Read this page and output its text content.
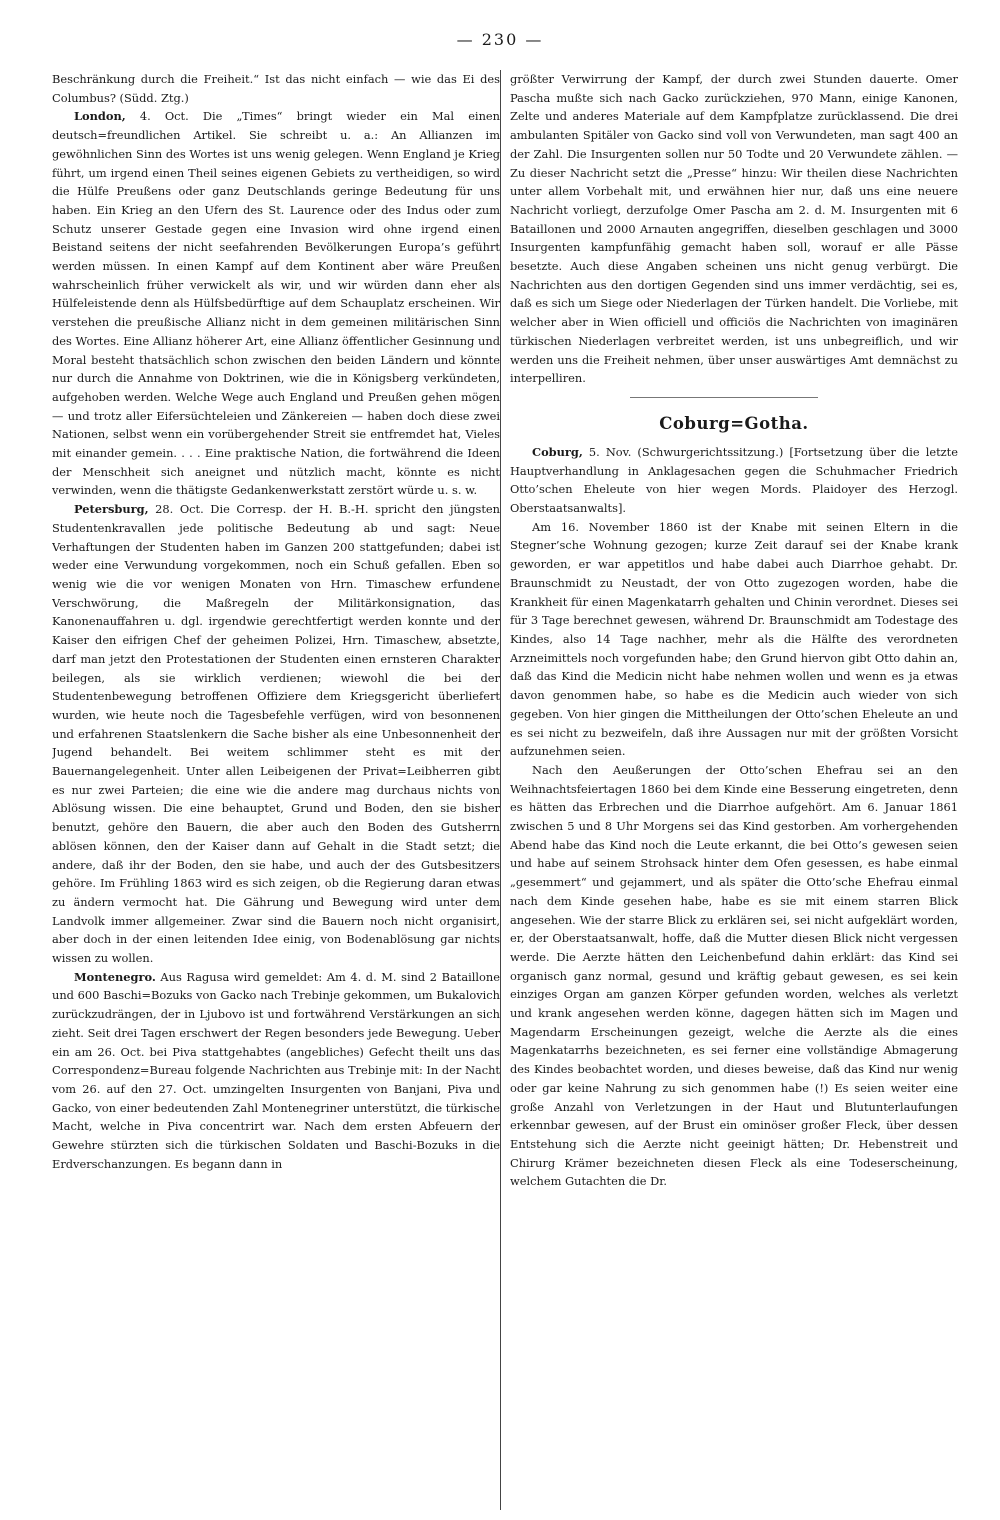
— 230 —

Beschränkung durch die Freiheit.“ Ist das nicht einfach — wie das Ei des Columbus? (Südd. Ztg.)

London, 4. Oct. Die „Times“ bringt wieder ein Mal einen deutsch=freundlichen Artikel. Sie schreibt u. a.: An Allianzen im gewöhnlichen Sinn des Wortes ist uns wenig gelegen. Wenn England je Krieg führt, um irgend einen Theil seines eigenen Gebiets zu vertheidigen, so wird die Hülfe Preußens oder ganz Deutschlands geringe Bedeutung für uns haben. Ein Krieg an den Ufern des St. Laurence oder des Indus oder zum Schutz unserer Gestade gegen eine Invasion wird ohne irgend einen Beistand seitens der nicht seefahrenden Bevölkerungen Europa’s geführt werden müssen. In einen Kampf auf dem Kontinent aber wäre Preußen wahrscheinlich früher verwickelt als wir, und wir würden dann eher als Hülfeleistende denn als Hülfsbedürftige auf dem Schauplatz erscheinen. Wir verstehen die preußische Allianz nicht in dem gemeinen militärischen Sinn des Wortes. Eine Allianz höherer Art, eine Allianz öffentlicher Gesinnung und Moral besteht thatsächlich schon zwischen den beiden Ländern und könnte nur durch die Annahme von Doktrinen, wie die in Königsberg verkündeten, aufgehoben werden. Welche Wege auch England und Preußen gehen mögen — und trotz aller Eifersüchteleien und Zänkereien — haben doch diese zwei Nationen, selbst wenn ein vorübergehender Streit sie entfremdet hat, Vieles mit einander gemein. . . . Eine praktische Nation, die fortwährend die Ideen der Menschheit sich aneignet und nützlich macht, könnte es nicht verwinden, wenn die thätigste Gedankenwerkstatt zerstört würde u. s. w.

Petersburg, 28. Oct. Die Corresp. der H. B.-H. spricht den jüngsten Studentenkravallen jede politische Bedeutung ab und sagt: Neue Verhaftungen der Studenten haben im Ganzen 200 stattgefunden; dabei ist weder eine Verwundung vorgekommen, noch ein Schuß gefallen. Eben so wenig wie die vor wenigen Monaten von Hrn. Timaschew erfundene Verschwörung, die Maßregeln der Militärkonsignation, das Kanonenauffahren u. dgl. irgendwie gerechtfertigt werden konnte und der Kaiser den eifrigen Chef der geheimen Polizei, Hrn. Timaschew, absetzte, darf man jetzt den Protestationen der Studenten einen ernsteren Charakter beilegen, als sie wirklich verdienen; wiewohl die bei der Studentenbewegung betroffenen Offiziere dem Kriegsgericht überliefert wurden, wie heute noch die Tagesbefehle verfügen, wird von besonnenen und erfahrenen Staatslenkern die Sache bisher als eine Unbesonnenheit der Jugend behandelt. Bei weitem schlimmer steht es mit der Bauernangelegenheit. Unter allen Leibeigenen der Privat=Leibherren gibt es nur zwei Parteien; die eine wie die andere mag durchaus nichts von Ablösung wissen. Die eine behauptet, Grund und Boden, den sie bisher benutzt, gehöre den Bauern, die aber auch den Boden des Gutsherrn ablösen können, den der Kaiser dann auf Gehalt in die Stadt setzt; die andere, daß ihr der Boden, den sie habe, und auch der des Gutsbesitzers gehöre. Im Frühling 1863 wird es sich zeigen, ob die Regierung daran etwas zu ändern vermocht hat. Die Gährung und Bewegung wird unter dem Landvolk immer allgemeiner. Zwar sind die Bauern noch nicht organisirt, aber doch in der einen leitenden Idee einig, von Bodenablösung gar nichts wissen zu wollen.

Montenegro. Aus Ragusa wird gemeldet: Am 4. d. M. sind 2 Bataillone und 600 Baschi=Bozuks von Gacko nach Trebinje gekommen, um Bukalovich zurückzudrängen, der in Ljubovo ist und fortwährend Verstärkungen an sich zieht. Seit drei Tagen erschwert der Regen besonders jede Bewegung. Ueber ein am 26. Oct. bei Piva stattgehabtes (angebliches) Gefecht theilt uns das Correspondenz=Bureau folgende Nachrichten aus Trebinje mit: In der Nacht vom 26. auf den 27. Oct. umzingelten Insurgenten von Banjani, Piva und Gacko, von einer bedeutenden Zahl Montenegriner unterstützt, die türkische Macht, welche in Piva concentrirt war. Nach dem ersten Abfeuern der Gewehre stürzten sich die türkischen Soldaten und Baschi-Bozuks in die Erdverschanzungen. Es begann dann in

größter Verwirrung der Kampf, der durch zwei Stunden dauerte. Omer Pascha mußte sich nach Gacko zurückziehen, 970 Mann, einige Kanonen, Zelte und anderes Materiale auf dem Kampfplatze zurücklassend. Die drei ambulanten Spitäler von Gacko sind voll von Verwundeten, man sagt 400 an der Zahl. Die Insurgenten sollen nur 50 Todte und 20 Verwundete zählen. — Zu dieser Nachricht setzt die „Presse“ hinzu: Wir theilen diese Nachrichten unter allem Vorbehalt mit, und erwähnen hier nur, daß uns eine neuere Nachricht vorliegt, derzufolge Omer Pascha am 2. d. M. Insurgenten mit 6 Bataillonen und 2000 Arnauten angegriffen, dieselben geschlagen und 3000 Insurgenten kampfunfähig gemacht haben soll, worauf er alle Pässe besetzte. Auch diese Angaben scheinen uns nicht genug verbürgt. Die Nachrichten aus den dortigen Gegenden sind uns immer verdächtig, sei es, daß es sich um Siege oder Niederlagen der Türken handelt. Die Vorliebe, mit welcher aber in Wien officiell und officiös die Nachrichten von imaginären türkischen Niederlagen verbreitet werden, ist uns unbegreiflich, und wir werden uns die Freiheit nehmen, über unser auswärtiges Amt demnächst zu interpelliren.

Coburg=Gotha.

Coburg, 5. Nov. (Schwurgerichtssitzung.) [Fortsetzung über die letzte Hauptverhandlung in Anklagesachen gegen die Schuhmacher Friedrich Otto’schen Eheleute von hier wegen Mords. Plaidoyer des Herzogl. Oberstaatsanwalts].

Am 16. November 1860 ist der Knabe mit seinen Eltern in die Stegner’sche Wohnung gezogen; kurze Zeit darauf sei der Knabe krank geworden, er war appetitlos und habe dabei auch Diarrhoe gehabt. Dr. Braunschmidt zu Neustadt, der von Otto zugezogen worden, habe die Krankheit für einen Magenkatarrh gehalten und Chinin verordnet. Dieses sei für 3 Tage berechnet gewesen, während Dr. Braunschmidt am Todestage des Kindes, also 14 Tage nachher, mehr als die Hälfte des verordneten Arzneimittels noch vorgefunden habe; den Grund hiervon gibt Otto dahin an, daß das Kind die Medicin nicht habe nehmen wollen und wenn es ja etwas davon genommen habe, so habe es die Medicin auch wieder von sich gegeben. Von hier gingen die Mittheilungen der Otto’schen Eheleute an und es sei nicht zu bezweifeln, daß ihre Aussagen nur mit der größten Vorsicht aufzunehmen seien.

Nach den Aeußerungen der Otto’schen Ehefrau sei an den Weihnachtsfeiertagen 1860 bei dem Kinde eine Besserung eingetreten, denn es hätten das Erbrechen und die Diarrhoe aufgehört. Am 6. Januar 1861 zwischen 5 und 8 Uhr Morgens sei das Kind gestorben. Am vorhergehenden Abend habe das Kind noch die Leute erkannt, die bei Otto’s gewesen seien und habe auf seinem Strohsack hinter dem Ofen gesessen, es habe einmal „gesemmert“ und gejammert, und als später die Otto’sche Ehefrau einmal nach dem Kinde gesehen habe, habe es sie mit einem starren Blick angesehen. Wie der starre Blick zu erklären sei, sei nicht aufgeklärt worden, er, der Oberstaatsanwalt, hoffe, daß die Mutter diesen Blick nicht vergessen werde. Die Aerzte hätten den Leichenbefund dahin erklärt: das Kind sei organisch ganz normal, gesund und kräftig gebaut gewesen, es sei kein einziges Organ am ganzen Körper gefunden worden, welches als verletzt und krank angesehen werden könne, dagegen hätten sich im Magen und Magendarm Erscheinungen gezeigt, welche die Aerzte als die eines Magenkatarrhs bezeichneten, es sei ferner eine vollständige Abmagerung des Kindes beobachtet worden, und dieses beweise, daß das Kind nur wenig oder gar keine Nahrung zu sich genommen habe (!) Es seien weiter eine große Anzahl von Verletzungen in der Haut und Blutunterlaufungen erkennbar gewesen, auf der Brust ein ominöser großer Fleck, über dessen Entstehung sich die Aerzte nicht geeinigt hätten; Dr. Hebenstreit und Chirurg Krämer bezeichneten diesen Fleck als eine Todeserscheinung, welchem Gutachten die Dr.
